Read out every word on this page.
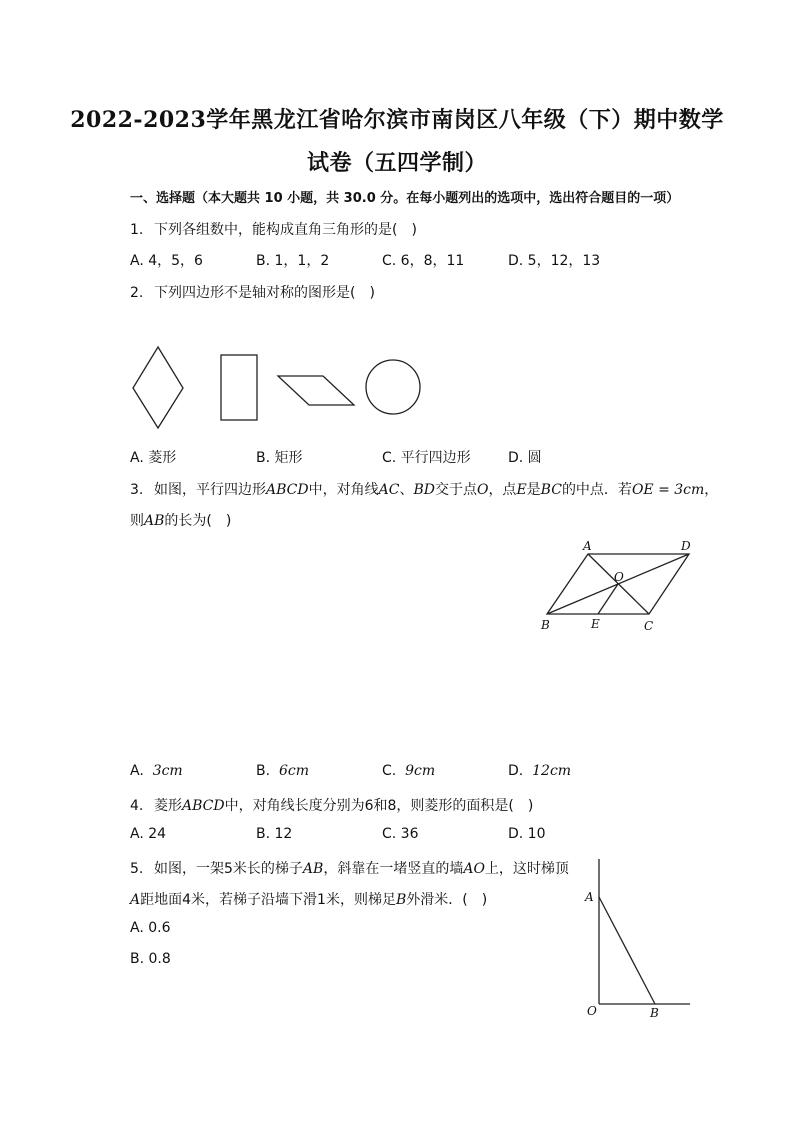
2022-2023学年黑龙江省哈尔滨市南岗区八年级（下）期中数学
试卷（五四学制）
一、选择题（本大题共 10 小题，共 30.0 分。在每小题列出的选项中，选出符合题目的一项）
1. 下列各组数中，能构成直角三角形的是(　)
A. 4，5，6	B. 1，1，2	C. 6，8，11	D. 5，12，13
2. 下列四边形不是轴对称的图形是(　)
A. 菱形	B. 矩形	C. 平行四边形	D. 圆
3. 如图，平行四边形ABCD中，对角线AC、BD交于点O，点E是BC的中点．若OE = 3cm，
则AB的长为(　)
A	D
O
B	E	C
A. 3cm	B. 6cm	C. 9cm	D. 12cm
4. 菱形ABCD中，对角线长度分别为6和8，则菱形的面积是(　)
A. 24	B. 12	C. 36	D. 10
5. 如图，一架5米长的梯子AB，斜靠在一堵竖直的墙AO上，这时梯顶
A距地面4米，若梯子沿墙下滑1米，则梯足B外滑米．(　)
A. 0.6
B. 0.8
A
O	B
